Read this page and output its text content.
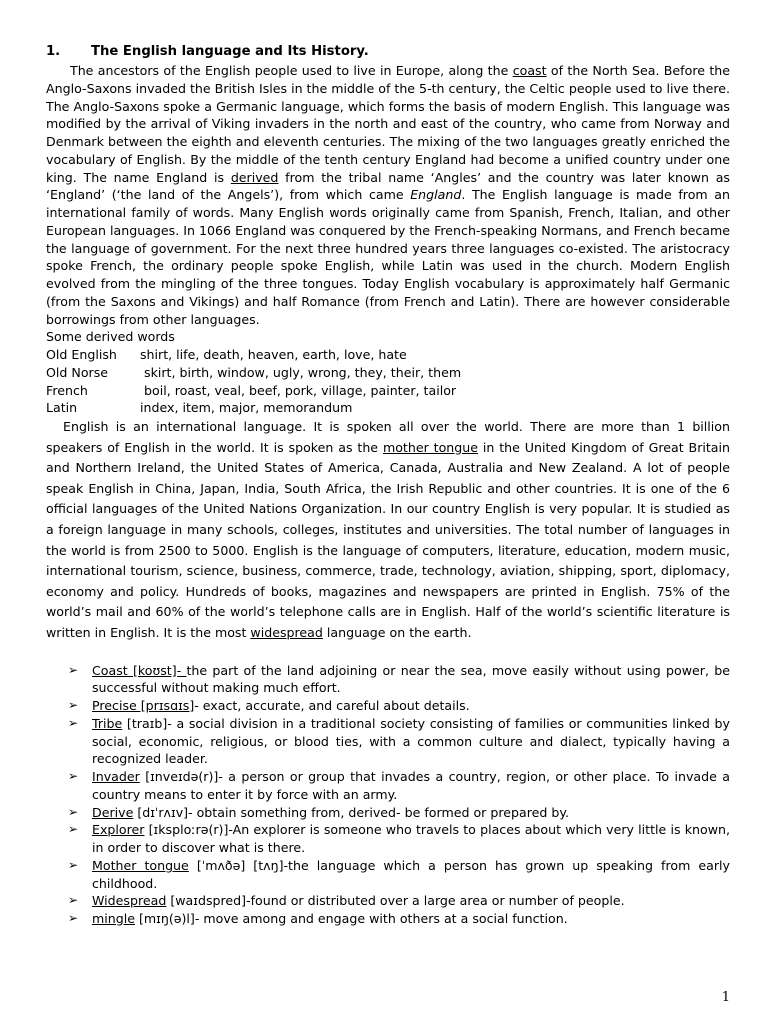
1.	The English language and Its History.

The ancestors of the English people used to live in Europe, along the coast of the North Sea. Before the Anglo-Saxons invaded the British Isles in the middle of the 5-th century, the Celtic people used to live there. The Anglo-Saxons spoke a Germanic language, which forms the basis of modern English. This language was modified by the arrival of Viking invaders in the north and east of the country, who came from Norway and Denmark between the eighth and eleventh centuries. The mixing of the two languages greatly enriched the vocabulary of English. By the middle of the tenth century England had become a unified country under one king. The name England is derived from the tribal name ‘Angles’ and the country was later known as ‘England’ (‘the land of the Angels’), from which came England. The English language is made from an international family of words. Many English words originally came from Spanish, French, Italian, and other European languages. In 1066 England was conquered by the French-speaking Normans, and French became the language of government. For the next three hundred years three languages co-existed. The aristocracy spoke French, the ordinary people spoke English, while Latin was used in the church. Modern English evolved from the mingling of the three tongues. Today English vocabulary is approximately half Germanic (from the Saxons and Vikings) and half Romance (from French and Latin). There are however considerable borrowings from other languages.

Some derived words

Old English	shirt, life, death, heaven, earth, love, hate
Old Norse	skirt, birth, window, ugly, wrong, they, their, them
French	boil, roast, veal, beef, pork, village, painter, tailor
Latin	index, item, major, memorandum

English is an international language. It is spoken all over the world. There are more than 1 billion speakers of English in the world. It is spoken as the mother tongue in the United Kingdom of Great Britain and Northern Ireland, the United States of America, Canada, Australia and New Zealand. A lot of people speak English in China, Japan, India, South Africa, the Irish Republic and other countries. It is one of the 6 official languages of the United Nations Organization. In our country English is very popular. It is studied as a foreign language in many schools, colleges, institutes and universities. The total number of languages in the world is from 2500 to 5000. English is the language of computers, literature, education, modern music, international tourism, science, business, commerce, trade, technology, aviation, shipping, sport, diplomacy, economy and policy. Hundreds of books, magazines and newspapers are printed in English. 75% of the world’s mail and 60% of the world’s telephone calls are in English. Half of the world’s scientific literature is written in English. It is the most widespread language on the earth.

➢ Coast [koʊst]- the part of the land adjoining or near the sea, move easily without using power, be successful without making much effort.
➢ Precise [prɪsɑɪs]- exact, accurate, and careful about details.
➢ Tribe [traɪb]- a social division in a traditional society consisting of families or communities linked by social, economic, religious, or blood ties, with a common culture and dialect, typically having a recognized leader.
➢ Invader [ɪnveɪdə(r)]- a person or group that invades a country, region, or other place. To invade a country means to enter it by force with an army.
➢ Derive [dɪˈrʌɪv]- obtain something from, derived- be formed or prepared by.
➢ Explorer [ɪksploːrə(r)]-An explorer is someone who travels to places about which very little is known, in order to discover what is there.
➢ Mother tongue [ˈmʌðə] [tʌŋ]-the language which a person has grown up speaking from early childhood.
➢ Widespread [waɪdspred]-found or distributed over a large area or number of people.
➢ mingle [mɪŋ(ə)l]- move among and engage with others at a social function.
1
